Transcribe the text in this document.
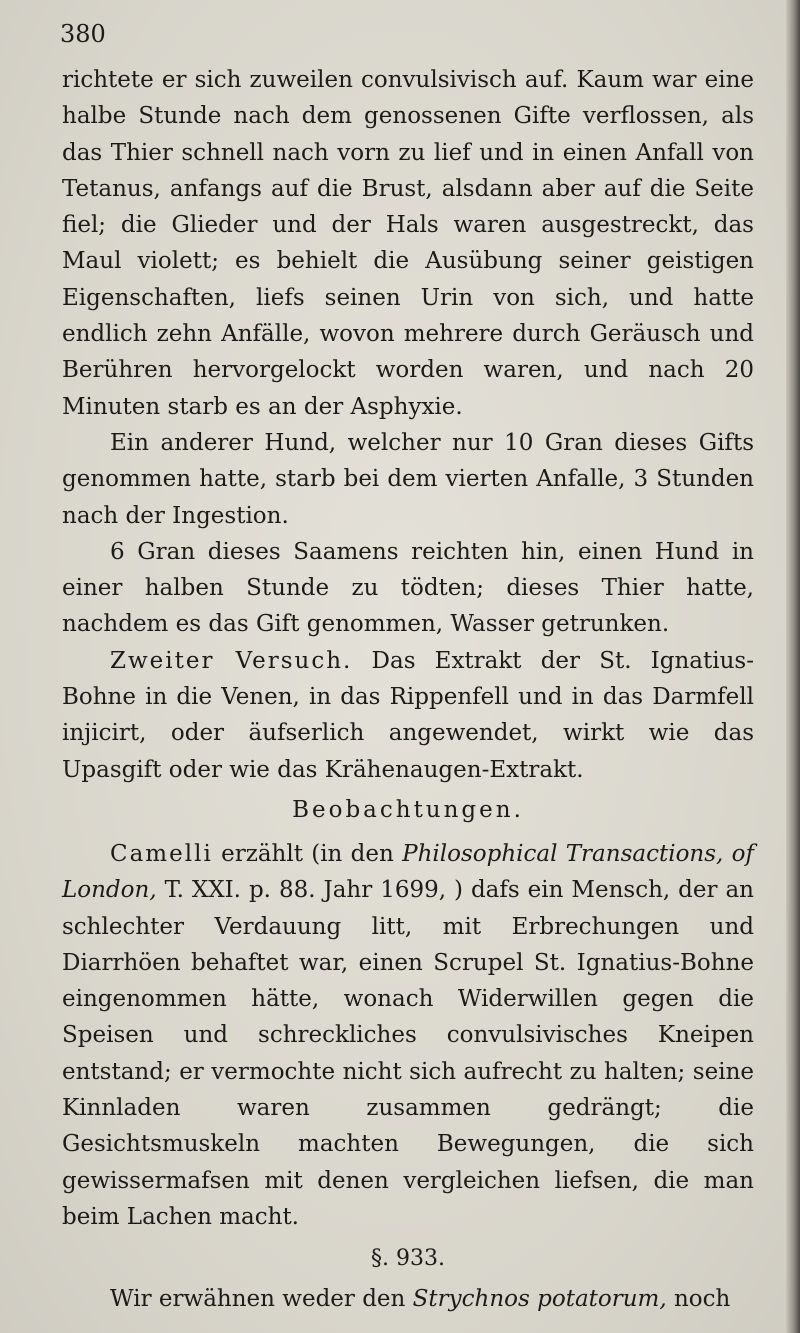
380

richtete er sich zuweilen convulsivisch auf. Kaum war eine halbe Stunde nach dem genossenen Gifte verflossen, als das Thier schnell nach vorn zu lief und in einen Anfall von Tetanus, anfangs auf die Brust, alsdann aber auf die Seite fiel; die Glieder und der Hals waren ausgestreckt, das Maul violett; es behielt die Ausübung seiner geistigen Eigenschaften, liefs seinen Urin von sich, und hatte endlich zehn Anfälle, wovon mehrere durch Geräusch und Berühren hervorgelockt worden waren, und nach 20 Minuten starb es an der Asphyxie.

Ein anderer Hund, welcher nur 10 Gran dieses Gifts genommen hatte, starb bei dem vierten Anfalle, 3 Stunden nach der Ingestion.

6 Gran dieses Saamens reichten hin, einen Hund in einer halben Stunde zu tödten; dieses Thier hatte, nachdem es das Gift genommen, Wasser getrunken.

Zweiter Versuch. Das Extrakt der St. Ignatius-Bohne in die Venen, in das Rippenfell und in das Darmfell injicirt, oder äufserlich angewendet, wirkt wie das Upasgift oder wie das Krähenaugen-Extrakt.

Beobachtungen.

Camelli erzählt (in den Philosophical Transactions, of London, T. XXI. p. 88. Jahr 1699, ) dafs ein Mensch, der an schlechter Verdauung litt, mit Erbrechungen und Diarrhöen behaftet war, einen Scrupel St. Ignatius-Bohne eingenommen hätte, wonach Widerwillen gegen die Speisen und schreckliches convulsivisches Kneipen entstand; er vermochte nicht sich aufrecht zu halten; seine Kinnladen waren zusammen gedrängt; die Gesichtsmuskeln machten Bewegungen, die sich gewissermafsen mit denen vergleichen liefsen, die man beim Lachen macht.

§. 933.

Wir erwähnen weder den Strychnos potatorum, noch
